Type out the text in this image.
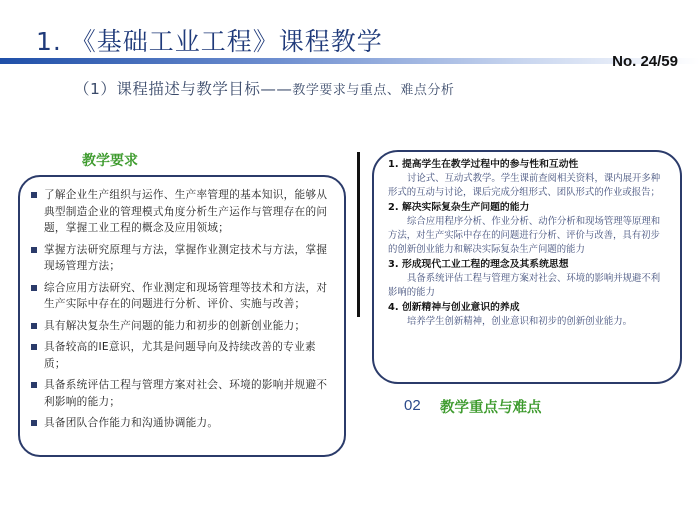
1. 《基础工业工程》课程教学
No. 24/59
（1）课程描述与教学目标——教学要求与重点、难点分析
教学要求
了解企业生产组织与运作、生产率管理的基本知识，能够从典型制造企业的管理模式角度分析生产运作与管理存在的问题，掌握工业工程的概念及应用领域；
掌握方法研究原理与方法，掌握作业测定技术与方法，掌握现场管理方法；
综合应用方法研究、作业测定和现场管理等技术和方法，对生产实际中存在的问题进行分析、评价、实施与改善；
具有解决复杂生产问题的能力和初步的创新创业能力；
具备较高的IE意识，尤其是问题导向及持续改善的专业素质；
具备系统评估工程与管理方案对社会、环境的影响并规避不利影响的能力；
具备团队合作能力和沟通协调能力。
1. 提高学生在教学过程中的参与性和互动性
讨论式、互动式教学。学生课前查阅相关资料，课内展开多种形式的互动与讨论，课后完成分组形式、团队形式的作业或报告；
2. 解决实际复杂生产问题的能力
综合应用程序分析、作业分析、动作分析和现场管理等原理和方法，对生产实际中存在的问题进行分析、评价与改善，具有初步的创新创业能力和解决实际复杂生产问题的能力
3. 形成现代工业工程的理念及其系统思想
具备系统评估工程与管理方案对社会、环境的影响并规避不利影响的能力
4. 创新精神与创业意识的养成
培养学生创新精神，创业意识和初步的创新创业能力。
02 教学重点与难点
